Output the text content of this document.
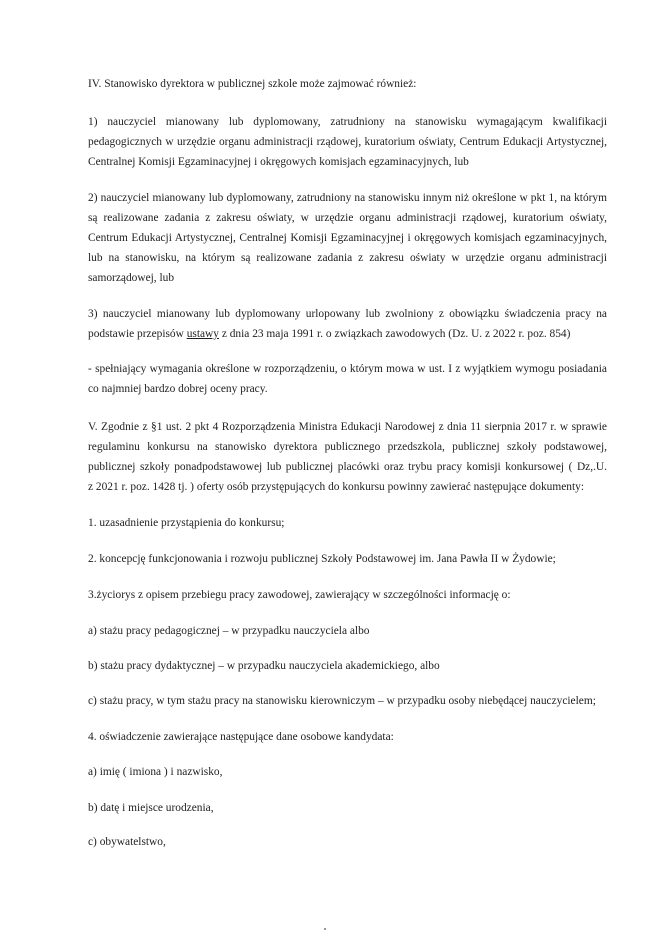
IV. Stanowisko dyrektora w publicznej szkole może zajmować również:
1) nauczyciel mianowany lub dyplomowany, zatrudniony na stanowisku wymagającym kwalifikacji
pedagogicznych w urzędzie organu administracji rządowej, kuratorium oświaty, Centrum Edukacji Artystycznej,
Centralnej Komisji Egzaminacyjnej i okręgowych komisjach egzaminacyjnych, lub
2) nauczyciel mianowany lub dyplomowany, zatrudniony na stanowisku innym niż określone w pkt 1, na którym
są realizowane zadania z zakresu oświaty, w urzędzie organu administracji rządowej, kuratorium oświaty,
Centrum Edukacji Artystycznej, Centralnej Komisji Egzaminacyjnej i okręgowych komisjach egzaminacyjnych,
lub na stanowisku, na którym są realizowane zadania z zakresu oświaty w urzędzie organu administracji
samorządowej, lub
3) nauczyciel mianowany lub dyplomowany urlopowany lub zwolniony z obowiązku świadczenia pracy na
podstawie przepisów ustawy z dnia 23 maja 1991 r. o związkach zawodowych (Dz. U. z 2022 r. poz. 854)
- spełniający wymagania określone w rozporządzeniu, o którym mowa w ust. I z wyjątkiem wymogu posiadania
co najmniej bardzo dobrej oceny pracy.
V. Zgodnie z §1 ust. 2 pkt 4 Rozporządzenia Ministra Edukacji Narodowej z dnia 11 sierpnia 2017 r. w sprawie
regulaminu konkursu na stanowisko dyrektora publicznego przedszkola, publicznej szkoły podstawowej,
publicznej szkoły ponadpodstawowej lub publicznej placówki oraz trybu pracy komisji konkursowej ( Dz,.U.
z 2021 r. poz. 1428 tj. ) oferty osób przystępujących do konkursu powinny zawierać następujące dokumenty:
1. uzasadnienie przystąpienia do konkursu;
2. koncepcję funkcjonowania i rozwoju publicznej Szkoły Podstawowej im. Jana Pawła II w Żydowie;
3.życiorys z opisem przebiegu pracy zawodowej, zawierający w szczególności informację o:
a) stażu pracy pedagogicznej – w przypadku nauczyciela albo
b) stażu pracy dydaktycznej – w przypadku nauczyciela akademickiego, albo
c) stażu pracy, w tym stażu pracy na stanowisku kierowniczym – w przypadku osoby niebędącej nauczycielem;
4. oświadczenie zawierające następujące dane osobowe kandydata:
a) imię ( imiona ) i nazwisko,
b) datę i miejsce urodzenia,
c) obywatelstwo,
